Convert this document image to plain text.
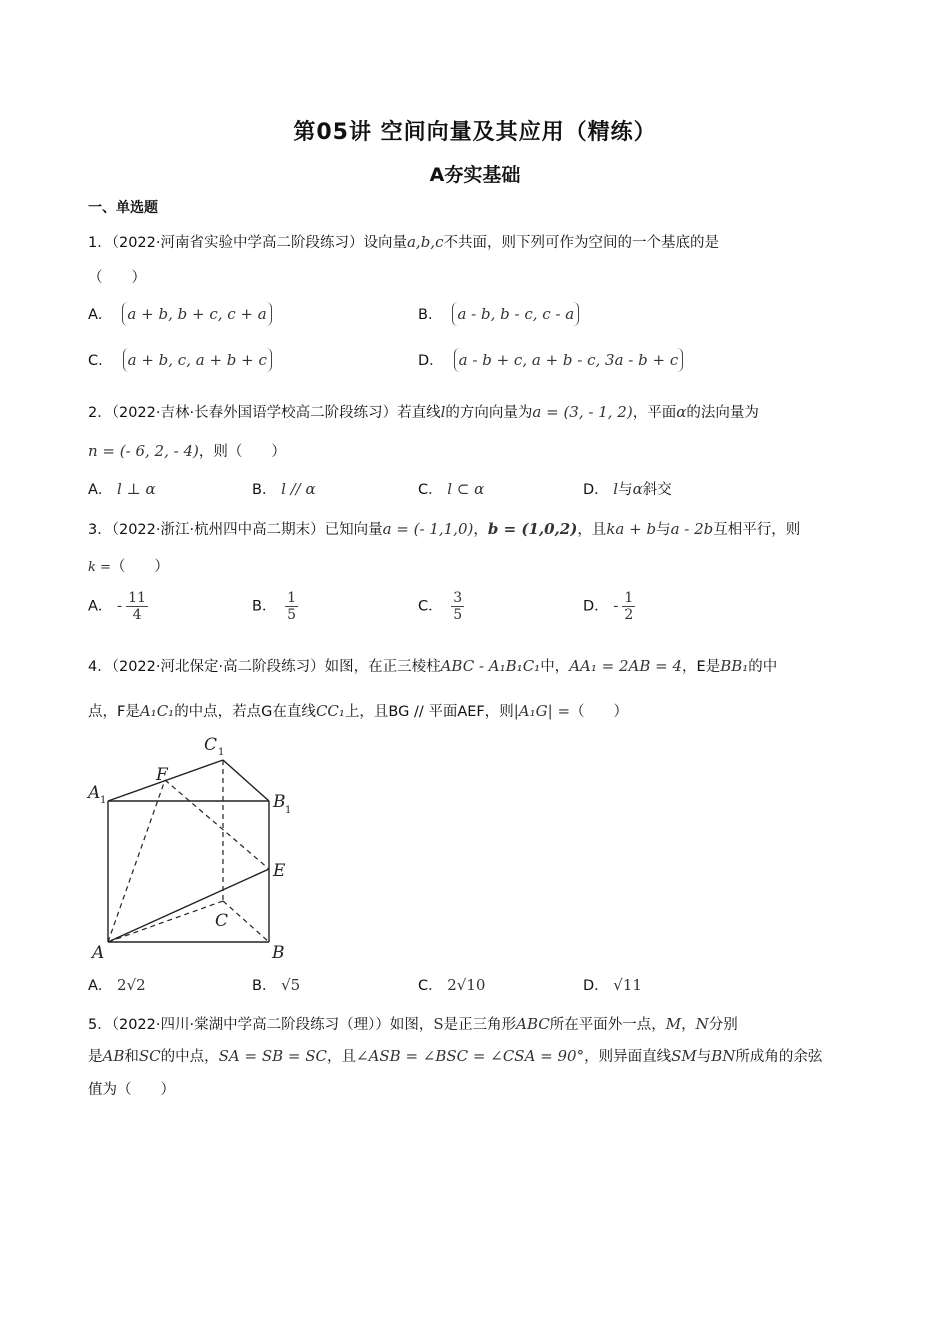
第05讲 空间向量及其应用（精练）
A夯实基础
一、单选题
1．（2022·河南省实验中学高二阶段练习）设向量a,b,c不共面，则下列可作为空间的一个基底的是
（　　）
A． a + b, b + c, c + a	B． a - b, b - c, c - a
C． a + b, c, a + b + c	D． a - b + c, a + b - c, 3a - b + c
2．（2022·吉林·长春外国语学校高二阶段练习）若直线l的方向向量为a = (3, - 1, 2)，平面α的法向量为
n = (- 6, 2, - 4)，则（　　）
A． l ⊥ α	B． l // α	C． l ⊂ α	D． l与α斜交
3．（2022·浙江·杭州四中高二期末）已知向量a = (- 1,1,0)，b = (1,0,2)，且ka + b与a - 2b互相平行，则
k =（　　）
A． - $\frac{11}{4}$	B． $\frac{1}{5}$	C． $\frac{3}{5}$	D． - $\frac{1}{2}$
4．（2022·河北保定·高二阶段练习）如图，在正三棱柱ABC - A₁B₁C₁中，AA₁ = 2AB = 4，E是BB₁的中
点，F是A₁C₁的中点，若点G在直线CC₁上，且BG // 平面AEF，则|A₁G| =（　　）
C 1
A 1
F
B 1
E
C
A	B
A． 2√2	B． √5	C． 2√10	D． √11
5．（2022·四川·棠湖中学高二阶段练习（理））如图，S是正三角形ABC所在平面外一点，M，N分别
是AB和SC的中点，SA = SB = SC，且∠ASB = ∠BSC = ∠CSA = 90°，则异面直线SM与BN所成角的余弦
值为（　　）
